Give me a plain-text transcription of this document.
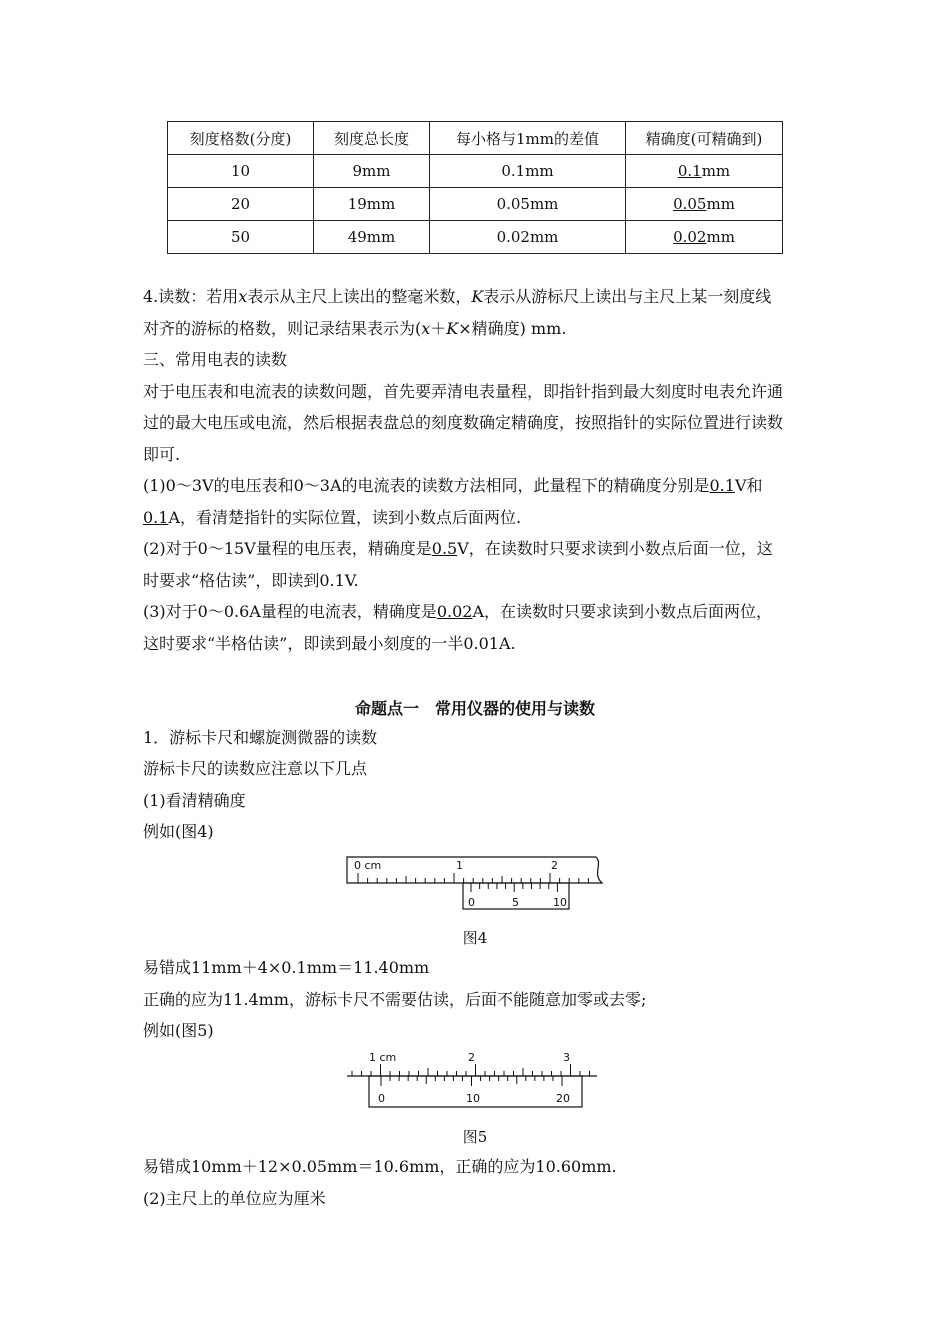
刻度格数(分度)	刻度总长度	每小格与1mm的差值	精确度(可精确到)
10	9mm	0.1mm	0.1mm
20	19mm	0.05mm	0.05mm
50	49mm	0.02mm	0.02mm
4.读数：若用x表示从主尺上读出的整毫米数，K表示从游标尺上读出与主尺上某一刻度线
对齐的游标的格数，则记录结果表示为(x＋K×精确度) mm.
三、常用电表的读数
对于电压表和电流表的读数问题，首先要弄清电表量程，即指针指到最大刻度时电表允许通
过的最大电压或电流，然后根据表盘总的刻度数确定精确度，按照指针的实际位置进行读数
即可.
(1)0～3V的电压表和0～3A的电流表的读数方法相同，此量程下的精确度分别是0.1V和
0.1A，看清楚指针的实际位置，读到小数点后面两位.
(2)对于0～15V量程的电压表，精确度是0.5V，在读数时只要求读到小数点后面一位，这
时要求“格估读”，即读到0.1V.
(3)对于0～0.6A量程的电流表，精确度是0.02A，在读数时只要求读到小数点后面两位，
这时要求“半格估读”，即读到最小刻度的一半0.01A.
命题点一　常用仪器的使用与读数
1．游标卡尺和螺旋测微器的读数
游标卡尺的读数应注意以下几点
(1)看清精确度
例如(图4)
0 cm	1	2
0	5	10
图4
易错成11mm＋4×0.1mm＝11.40mm
正确的应为11.4mm，游标卡尺不需要估读，后面不能随意加零或去零;
例如(图5)
1 cm	2	3
0	10	20
图5
易错成10mm＋12×0.05mm＝10.6mm，正确的应为10.60mm.
(2)主尺上的单位应为厘米
